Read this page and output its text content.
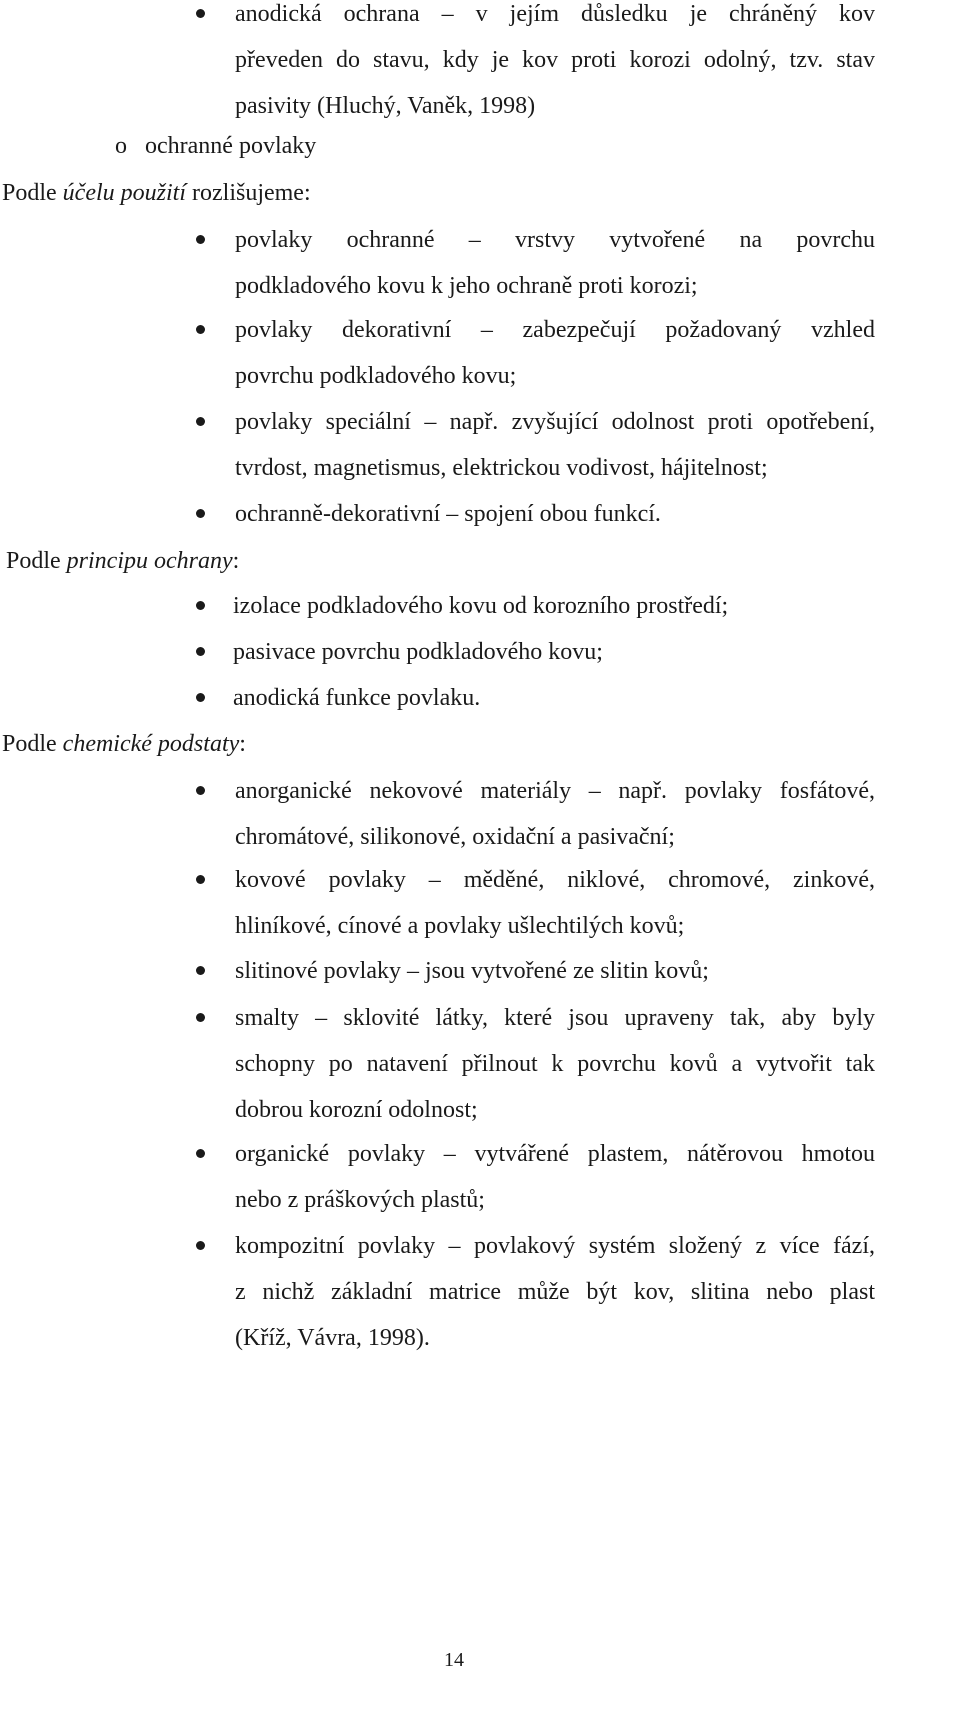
anodická ochrana – v jejím důsledku je chráněný kov
převeden do stavu, kdy je kov proti korozi odolný, tzv. stav
pasivity (Hluchý, Vaněk, 1998)
o ochranné povlaky
Podle účelu použití rozlišujeme:
povlaky ochranné – vrstvy vytvořené na povrchu
podkladového kovu k jeho ochraně proti korozi;
povlaky dekorativní – zabezpečují požadovaný vzhled
povrchu podkladového kovu;
povlaky speciální – např. zvyšující odolnost proti opotřebení,
tvrdost, magnetismus, elektrickou vodivost, hájitelnost;
ochranně-dekorativní – spojení obou funkcí.
Podle principu ochrany:
izolace podkladového kovu od korozního prostředí;
pasivace povrchu podkladového kovu;
anodická funkce povlaku.
Podle chemické podstaty:
anorganické nekovové materiály – např. povlaky fosfátové,
chromátové, silikonové, oxidační a pasivační;
kovové povlaky – měděné, niklové, chromové, zinkové,
hliníkové, cínové a povlaky ušlechtilých kovů;
slitinové povlaky – jsou vytvořené ze slitin kovů;
smalty – sklovité látky, které jsou upraveny tak, aby byly
schopny po natavení přilnout k povrchu kovů a vytvořit tak
dobrou korozní odolnost;
organické povlaky – vytvářené plastem, nátěrovou hmotou
nebo z práškových plastů;
kompozitní povlaky – povlakový systém složený z více fází,
z nichž základní matrice může být kov, slitina nebo plast
(Kříž, Vávra, 1998).
14
